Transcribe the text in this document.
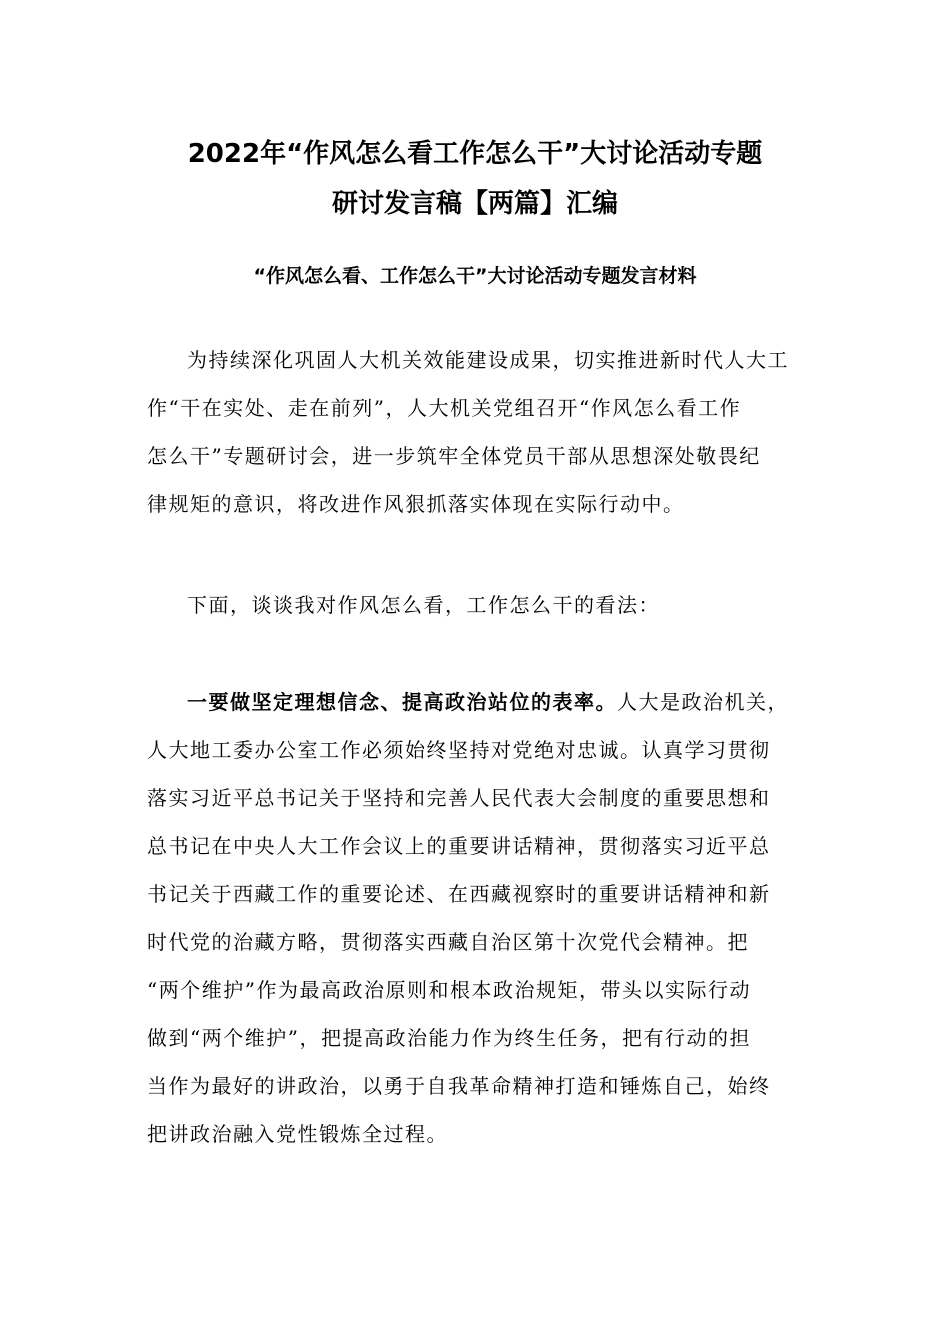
2022年“作风怎么看工作怎么干”大讨论活动专题
研讨发言稿【两篇】汇编
“作风怎么看、工作怎么干”大讨论活动专题发言材料
为持续深化巩固人大机关效能建设成果，切实推进新时代人大工
作“干在实处、走在前列”，人大机关党组召开“作风怎么看工作
怎么干”专题研讨会，进一步筑牢全体党员干部从思想深处敬畏纪
律规矩的意识，将改进作风狠抓落实体现在实际行动中。
下面，谈谈我对作风怎么看，工作怎么干的看法：
一要做坚定理想信念、提高政治站位的表率。人大是政治机关，
人大地工委办公室工作必须始终坚持对党绝对忠诚。认真学习贯彻
落实习近平总书记关于坚持和完善人民代表大会制度的重要思想和
总书记在中央人大工作会议上的重要讲话精神，贯彻落实习近平总
书记关于西藏工作的重要论述、在西藏视察时的重要讲话精神和新
时代党的治藏方略，贯彻落实西藏自治区第十次党代会精神。把
“两个维护”作为最高政治原则和根本政治规矩，带头以实际行动
做到“两个维护”，把提高政治能力作为终生任务，把有行动的担
当作为最好的讲政治，以勇于自我革命精神打造和锤炼自己，始终
把讲政治融入党性锻炼全过程。
